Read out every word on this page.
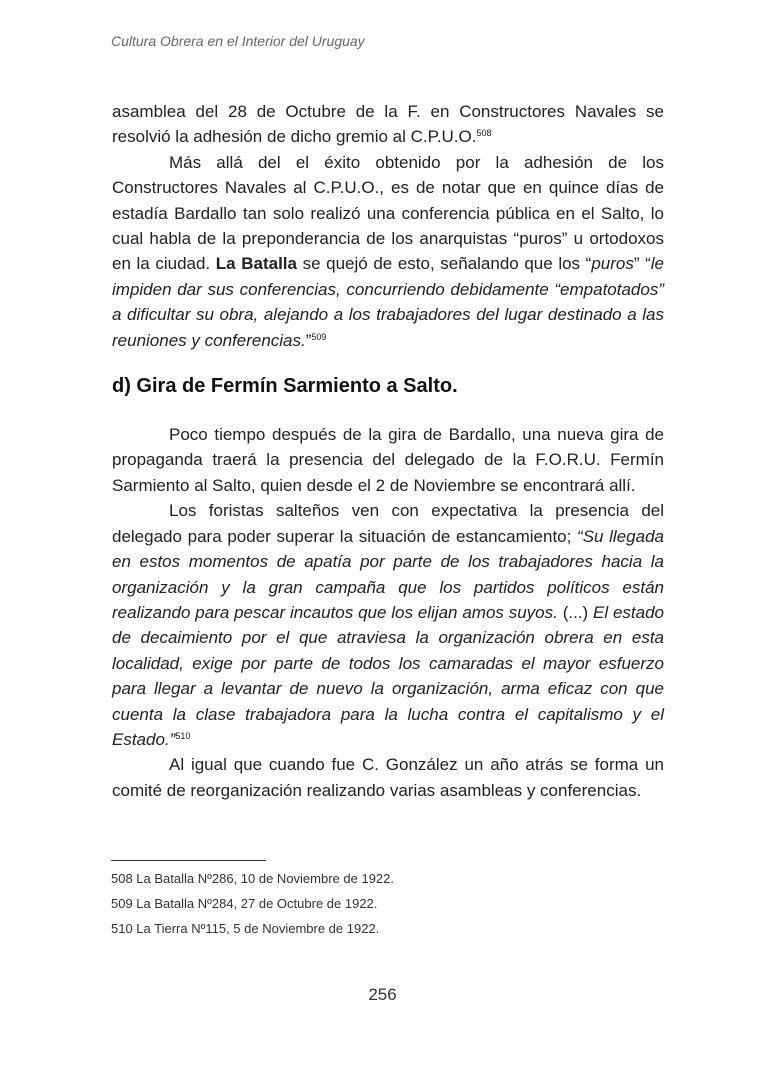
Cultura Obrera en el Interior del Uruguay

asamblea del 28 de Octubre de la F. en Constructores Navales se resolvió la adhesión de dicho gremio al C.P.U.O.$^{508}$

Más allá del el éxito obtenido por la adhesión de los Constructores Navales al C.P.U.O., es de notar que en quince días de estadía Bardallo tan solo realizó una conferencia pública en el Salto, lo cual habla de la preponderancia de los anarquistas “puros” u ortodoxos en la ciudad. La Batalla se quejó de esto, señalando que los “puros” “le impiden dar sus conferencias, concurriendo debidamente “empatotados” a dificultar su obra, alejando a los trabajadores del lugar destinado a las reuniones y conferencias.”$^{509}$

d) Gira de Fermín Sarmiento a Salto.

Poco tiempo después de la gira de Bardallo, una nueva gira de propaganda traerá la presencia del delegado de la F.O.R.U. Fermín Sarmiento al Salto, quien desde el 2 de Noviembre se encontrará allí.

Los foristas salteños ven con expectativa la presencia del delegado para poder superar la situación de estancamiento; “Su llegada en estos momentos de apatía por parte de los trabajadores hacia la organización y la gran campaña que los partidos políticos están realizando para pescar incautos que los elijan amos suyos. (...) El estado de decaimiento por el que atraviesa la organización obrera en esta localidad, exige por parte de todos los camaradas el mayor esfuerzo para llegar a levantar de nuevo la organización, arma eficaz con que cuenta la clase trabajadora para la lucha contra el capitalismo y el Estado.”$^{510}$

Al igual que cuando fue C. González un año atrás se forma un comité de reorganización realizando varias asambleas y conferencias.

508 La Batalla Nº286, 10 de Noviembre de 1922.
509 La Batalla Nº284, 27 de Octubre de 1922.
510 La Tierra Nº115, 5 de Noviembre de 1922.
256
